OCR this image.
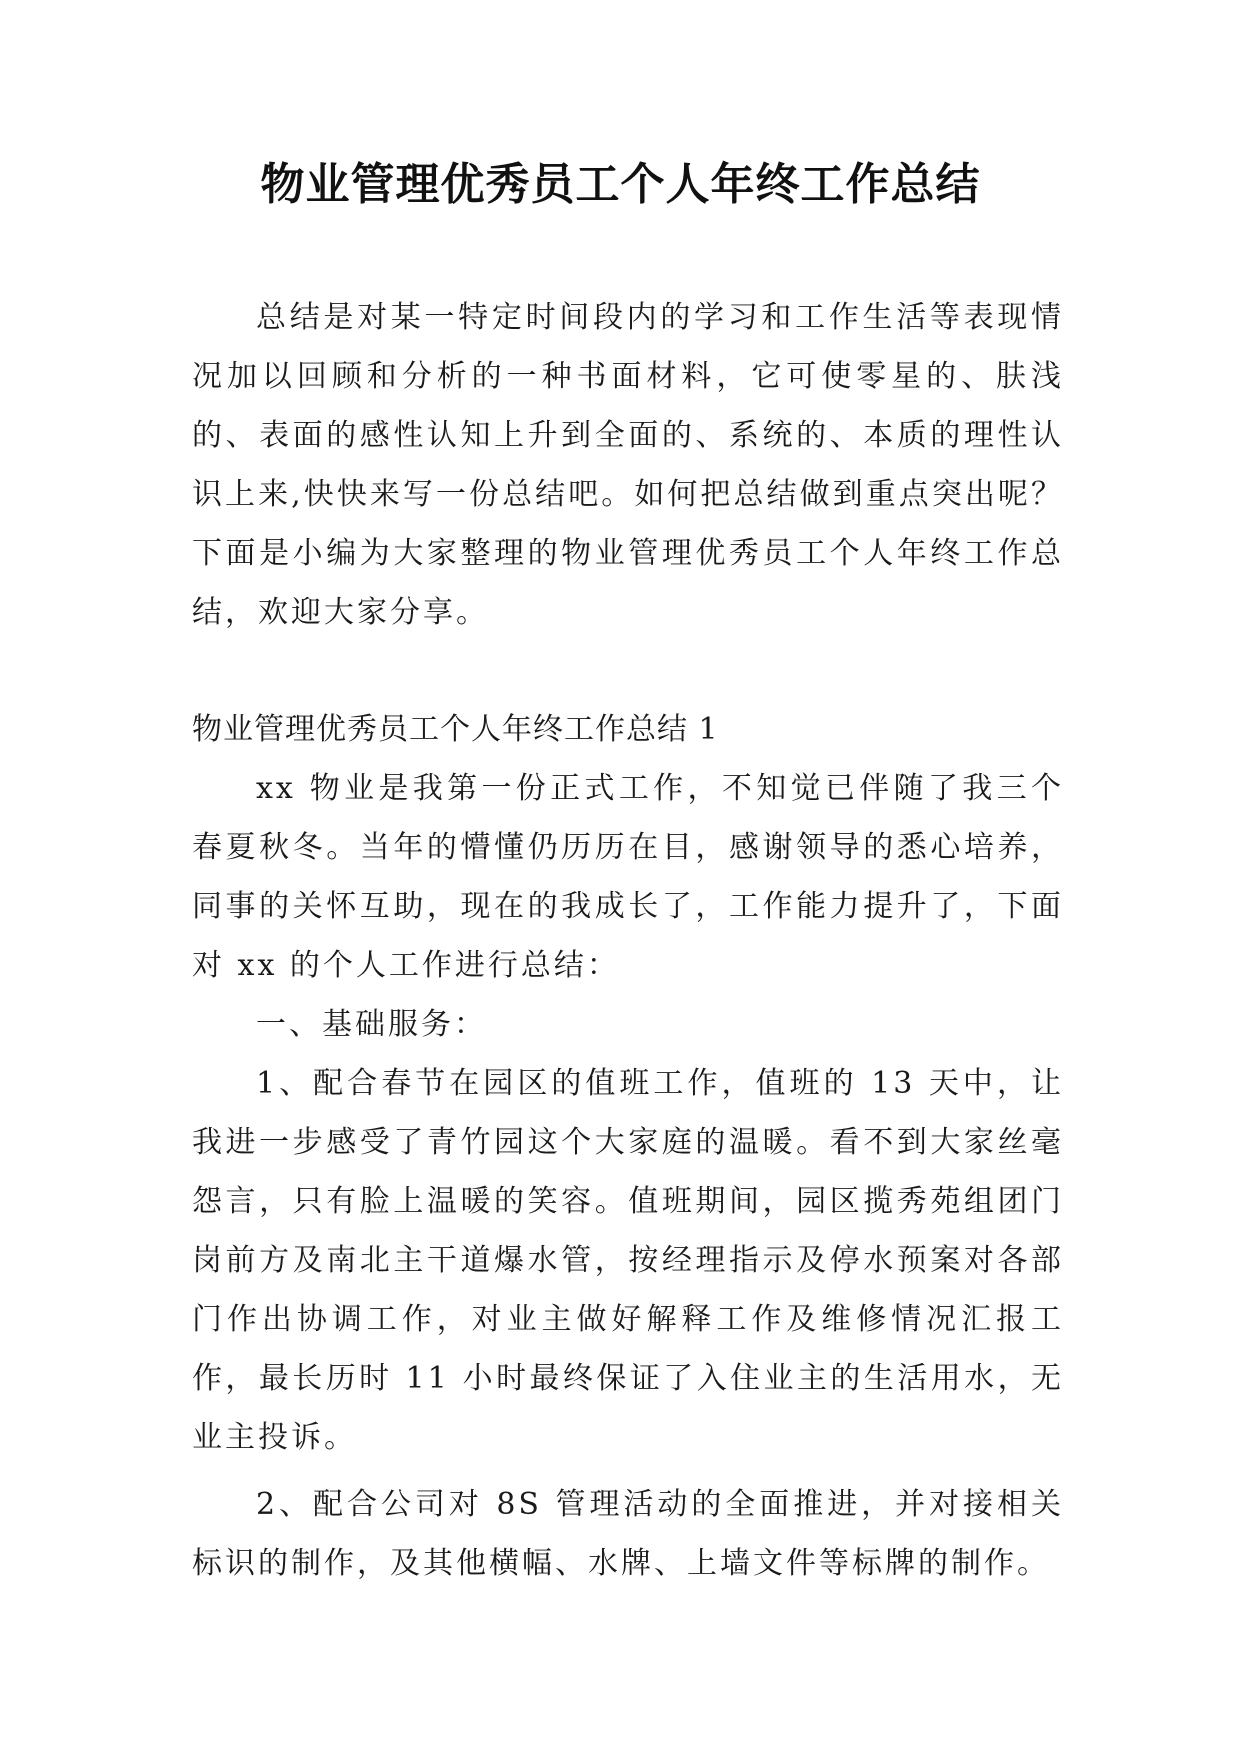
物业管理优秀员工个人年终工作总结

总结是对某一特定时间段内的学习和工作生活等表现情况加以回顾和分析的一种书面材料，它可使零星的、肤浅的、表面的感性认知上升到全面的、系统的、本质的理性认识上来,快快来写一份总结吧。如何把总结做到重点突出呢？下面是小编为大家整理的物业管理优秀员工个人年终工作总结，欢迎大家分享。

物业管理优秀员工个人年终工作总结 1

xx 物业是我第一份正式工作，不知觉已伴随了我三个春夏秋冬。当年的懵懂仍历历在目，感谢领导的悉心培养，同事的关怀互助，现在的我成长了，工作能力提升了，下面对 xx 的个人工作进行总结：

一、基础服务：

1、配合春节在园区的值班工作，值班的 13 天中，让我进一步感受了青竹园这个大家庭的温暖。看不到大家丝毫怨言，只有脸上温暖的笑容。值班期间，园区揽秀苑组团门岗前方及南北主干道爆水管，按经理指示及停水预案对各部门作出协调工作，对业主做好解释工作及维修情况汇报工作，最长历时 11 小时最终保证了入住业主的生活用水，无业主投诉。

2、配合公司对 8S 管理活动的全面推进，并对接相关标识的制作，及其他横幅、水牌、上墙文件等标牌的制作。
